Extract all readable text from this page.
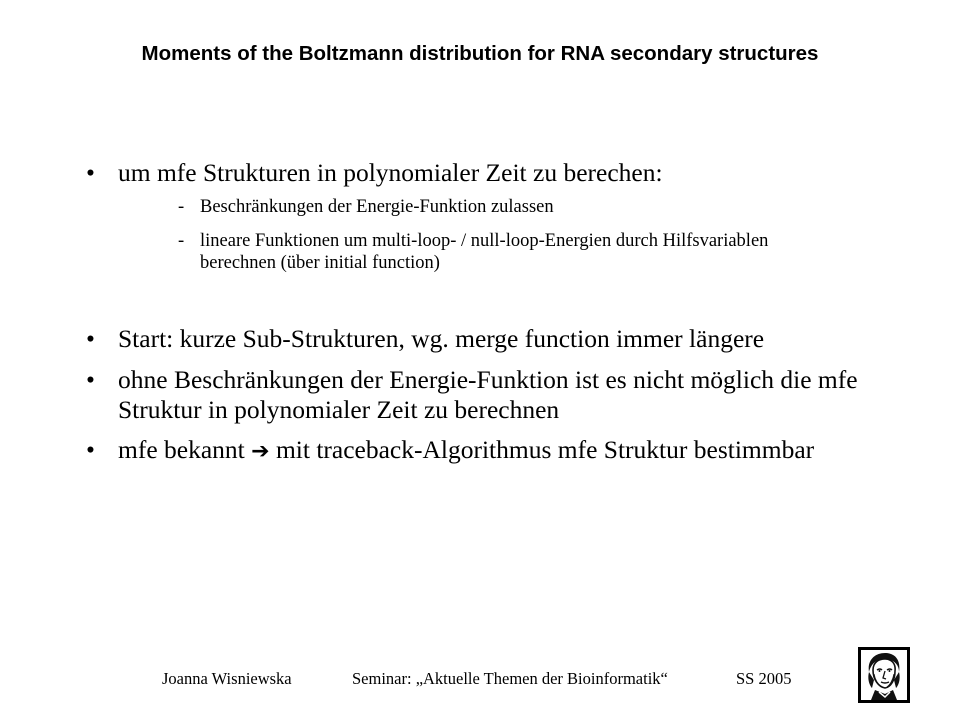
Moments of the Boltzmann distribution for RNA secondary structures
• um mfe Strukturen in polynomialer Zeit zu berechen:
- Beschränkungen der Energie-Funktion zulassen
- lineare Funktionen um multi-loop- / null-loop-Energien durch Hilfsvariablen berechnen (über initial function)
• Start: kurze Sub-Strukturen, wg. merge function immer längere
• ohne Beschränkungen der Energie-Funktion ist es nicht möglich die mfe Struktur in polynomialer Zeit zu berechnen
• mfe bekannt ➔ mit traceback-Algorithmus mfe Struktur bestimmbar
Joanna Wisniewska	Seminar: „Aktuelle Themen der Bioinformatik“	SS 2005
